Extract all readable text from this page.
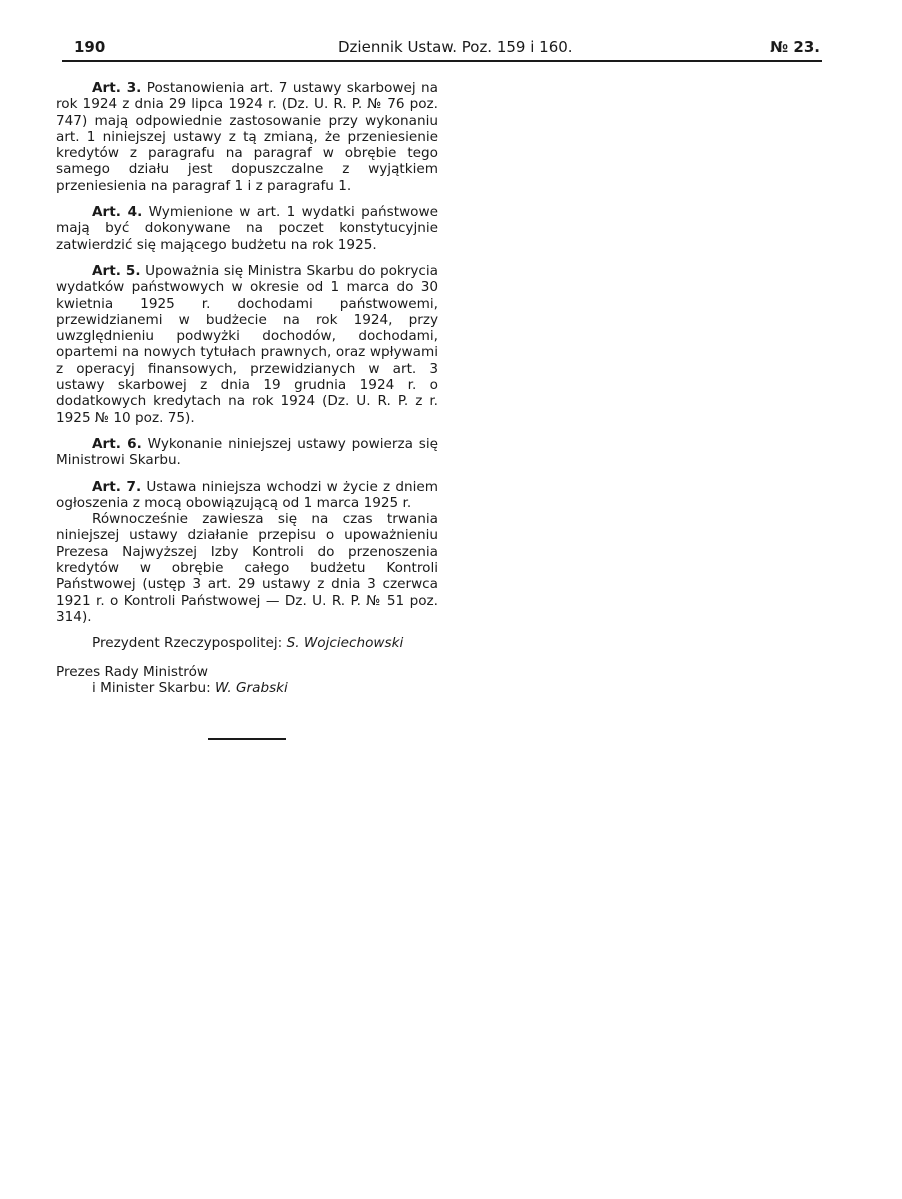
190	Dziennik Ustaw. Poz. 159 i 160.	№ 23.

Art. 3. Postanowienia art. 7 ustawy skarbowej na rok 1924 z dnia 29 lipca 1924 r. (Dz. U. R. P. № 76 poz. 747) mają odpowiednie zastosowanie przy wykonaniu art. 1 niniejszej ustawy z tą zmianą, że przeniesienie kredytów z paragrafu na paragraf w obrębie tego samego działu jest dopuszczalne z wyjątkiem przeniesienia na paragraf 1 i z paragrafu 1.

Art. 4. Wymienione w art. 1 wydatki państwowe mają być dokonywane na poczet konstytucyjnie zatwierdzić się mającego budżetu na rok 1925.

Art. 5. Upoważnia się Ministra Skarbu do pokrycia wydatków państwowych w okresie od 1 marca do 30 kwietnia 1925 r. dochodami państwowemi, przewidzianemi w budżecie na rok 1924, przy uwzględnieniu podwyżki dochodów, dochodami, opartemi na nowych tytułach prawnych, oraz wpływami z operacyj finansowych, przewidzianych w art. 3 ustawy skarbowej z dnia 19 grudnia 1924 r. o dodatkowych kredytach na rok 1924 (Dz. U. R. P. z r. 1925 № 10 poz. 75).

Art. 6. Wykonanie niniejszej ustawy powierza się Ministrowi Skarbu.

Art. 7. Ustawa niniejsza wchodzi w życie z dniem ogłoszenia z mocą obowiązującą od 1 marca 1925 r.

Równocześnie zawiesza się na czas trwania niniejszej ustawy działanie przepisu o upoważnieniu Prezesa Najwyższej Izby Kontroli do przenoszenia kredytów w obrębie całego budżetu Kontroli Państwowej (ustęp 3 art. 29 ustawy z dnia 3 czerwca 1921 r. o Kontroli Państwowej — Dz. U. R. P. № 51 poz. 314).

Prezydent Rzeczypospolitej: S. Wojciechowski

Prezes Rady Ministrów

i Minister Skarbu: W. Grabski
